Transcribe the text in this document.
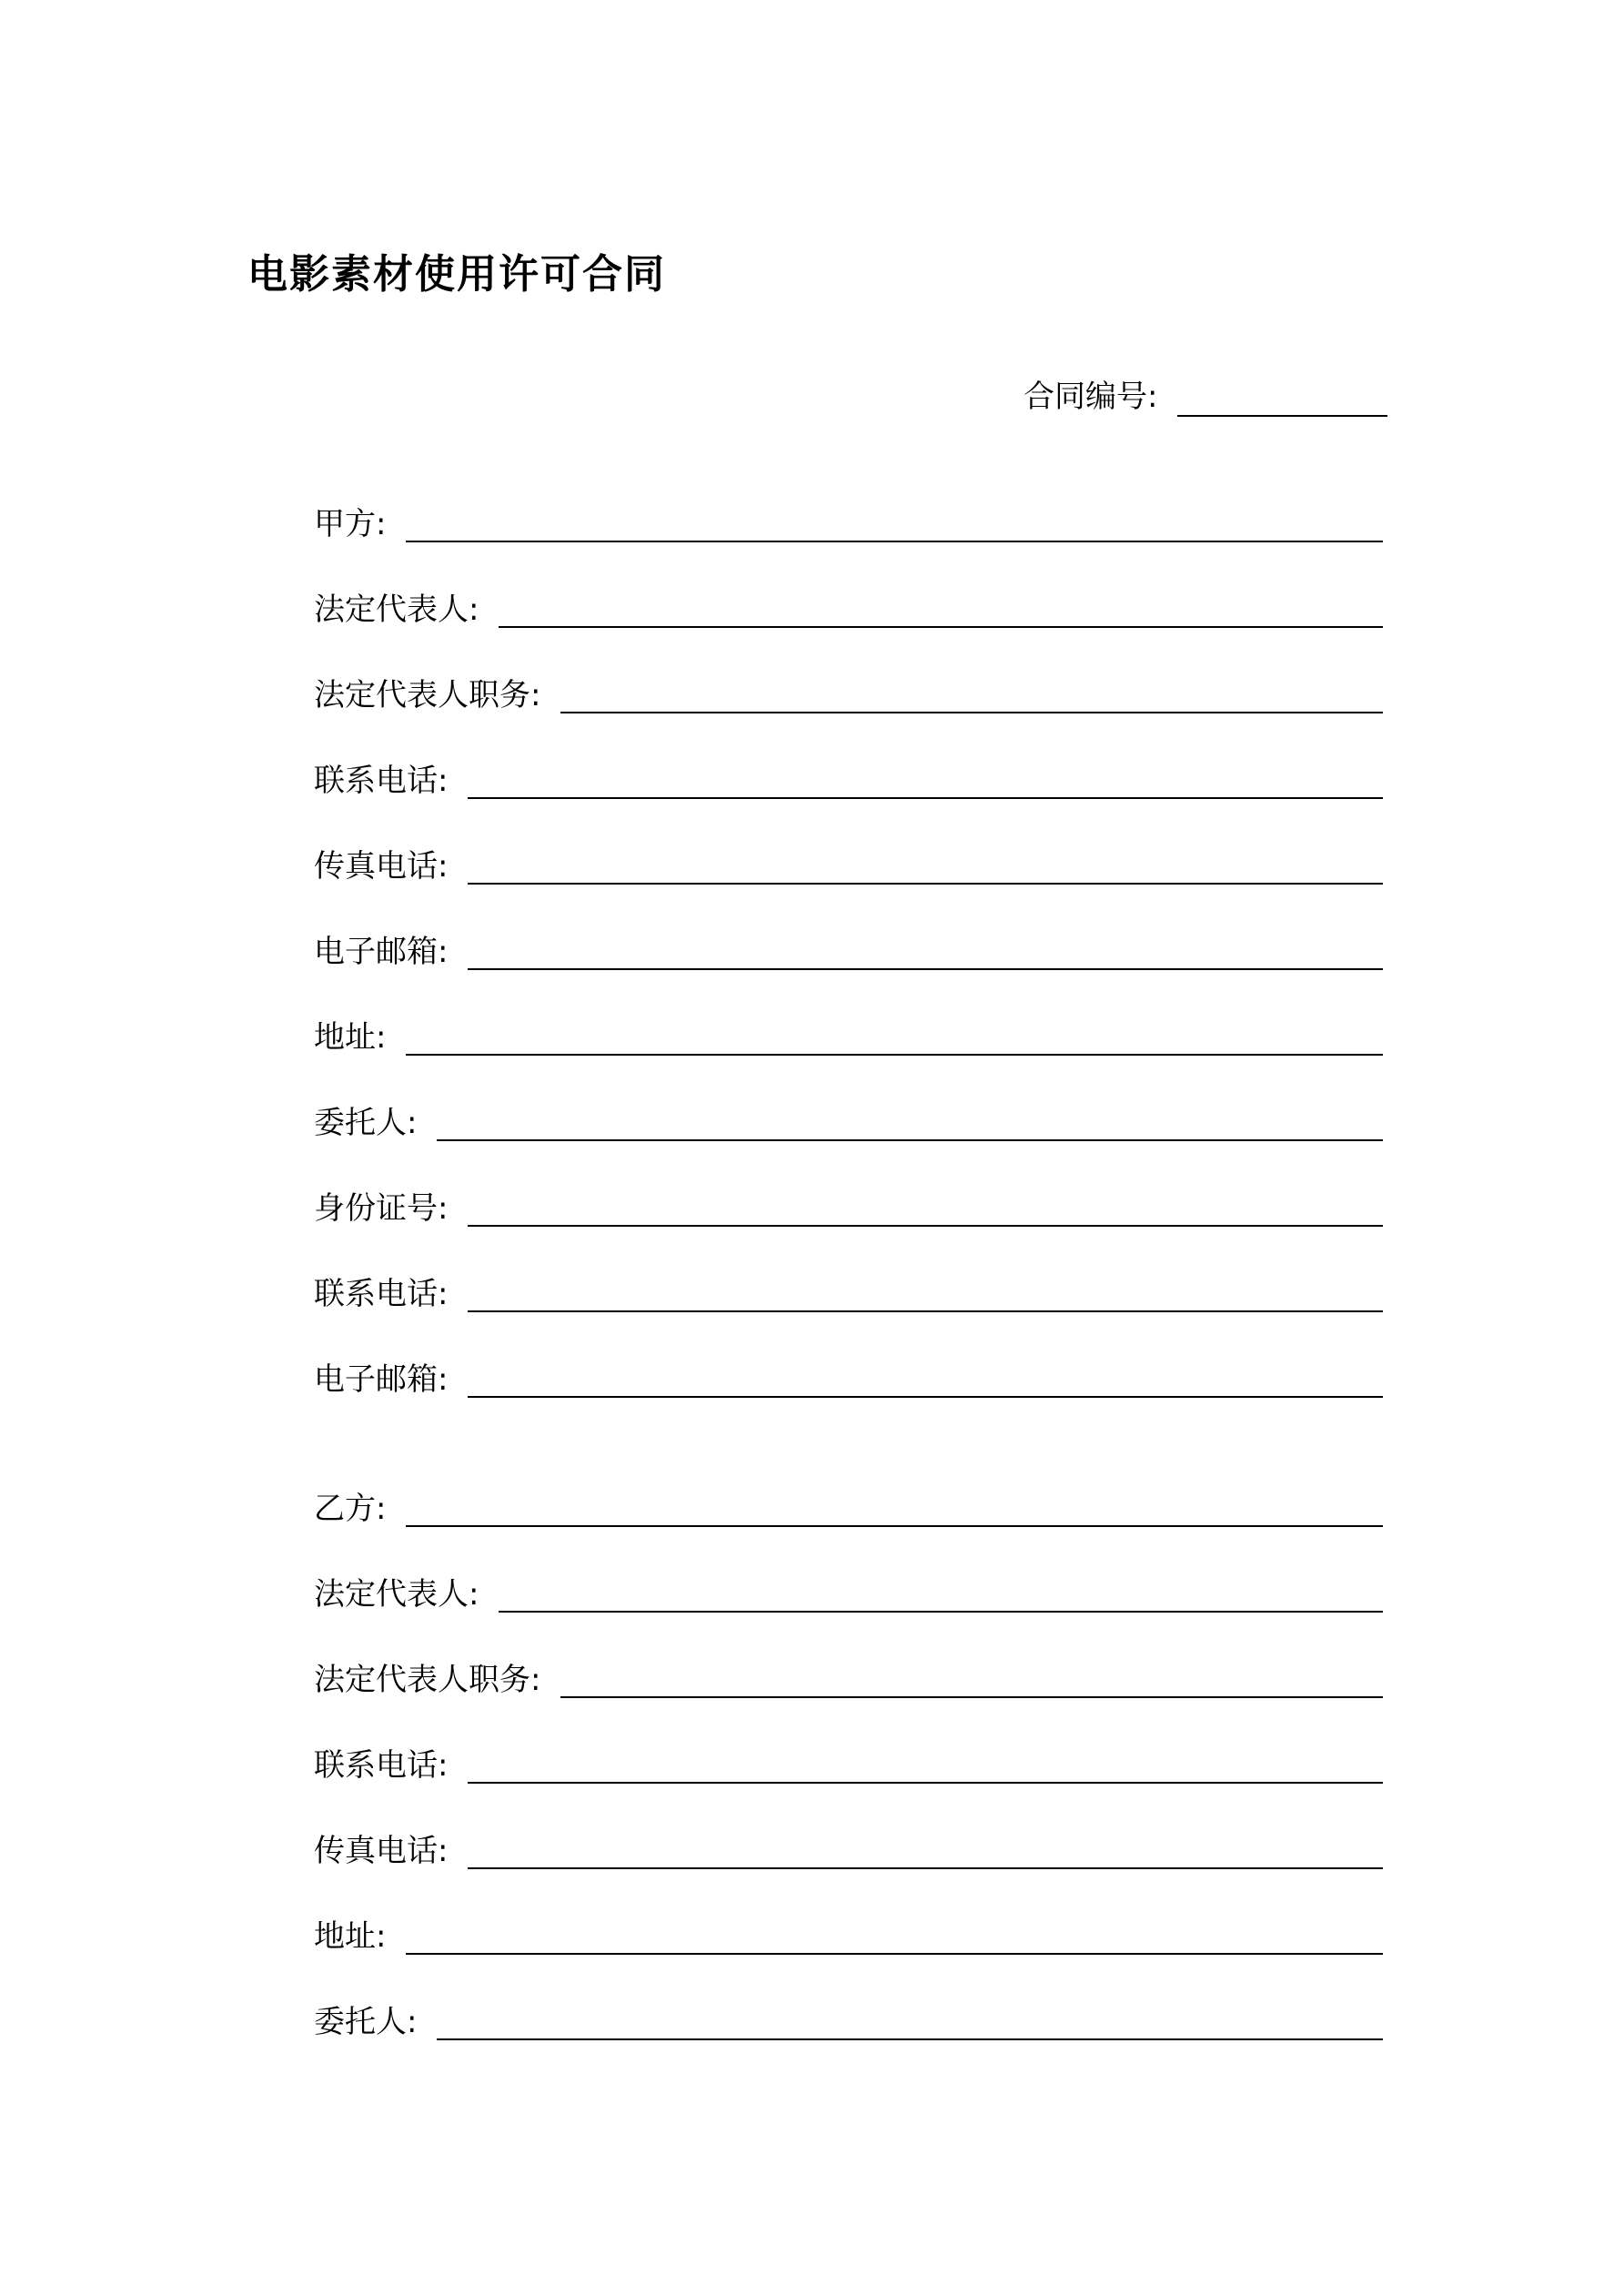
电影素材使用许可合同
合同编号 :
甲方 :
法定代表人 :
法定代表人职务 :
联系电话 :
传真电话 :
电子邮箱 :
地址 :
委托人 :
身份证号 :
联系电话 :
电子邮箱 :
乙方 :
法定代表人 :
法定代表人职务 :
联系电话 :
传真电话 :
地址 :
委托人 :
